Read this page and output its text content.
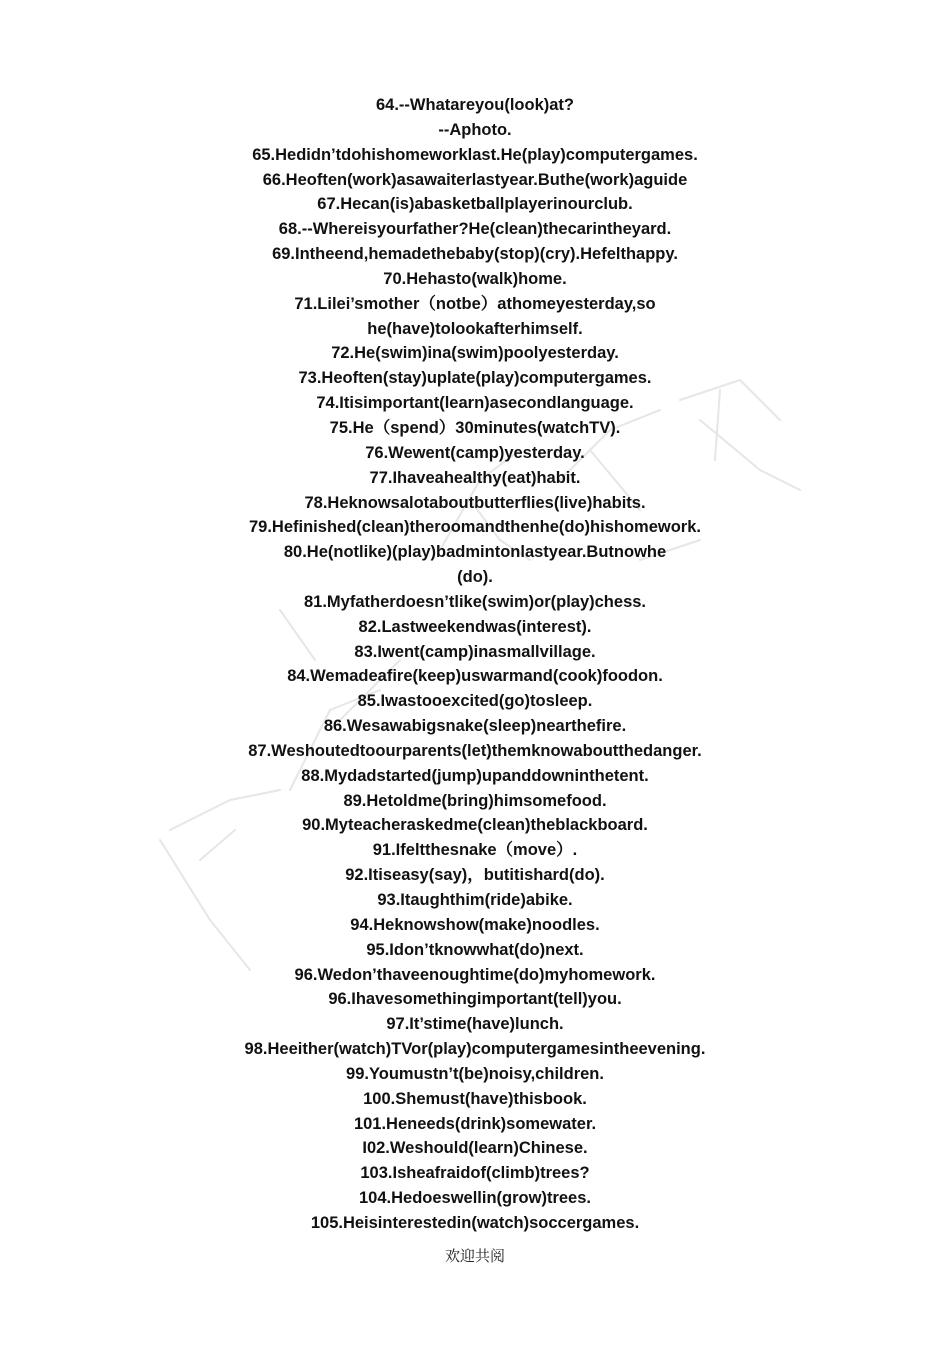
64.--Whatareyou(look)at?
--Aphoto.
65.Hedidn’tdohishomeworklast.He(play)computergames.
66.Heoften(work)asawaiterlastyear.Buthe(work)aguide
67.Hecan(is)abasketballplayerinourclub.
68.--Whereisyourfather?He(clean)thecarintheyard.
69.Intheend,hemadethebaby(stop)(cry).Hefelthappy.
70.Hehasto(walk)home.
71.Lilei’smother（notbe）athomeyesterday,so
he(have)tolookafterhimself.
72.He(swim)ina(swim)poolyesterday.
73.Heoften(stay)uplate(play)computergames.
74.Itisimportant(learn)asecondlanguage.
75.He（spend）30minutes(watchTV).
76.Wewent(camp)yesterday.
77.Ihaveahealthy(eat)habit.
78.Heknowsalotaboutbutterflies(live)habits.
79.Hefinished(clean)theroomandthenhe(do)hishomework.
80.He(notlike)(play)badmintonlastyear.Butnowhe
(do).
81.Myfatherdoesn’tlike(swim)or(play)chess.
82.Lastweekendwas(interest).
83.Iwent(camp)inasmallvillage.
84.Wemadeafire(keep)uswarmand(cook)foodon.
85.Iwastooexcited(go)tosleep.
86.Wesawabigsnake(sleep)nearthefire.
87.Weshoutedtoourparents(let)themknowaboutthedanger.
88.Mydadstarted(jump)upanddowninthetent.
89.Hetoldme(bring)himsomefood.
90.Myteacheraskedme(clean)theblackboard.
91.Ifeltthesnake（move）.
92.Itiseasy(say)，butitishard(do).
93.Itaughthim(ride)abike.
94.Heknowshow(make)noodles.
95.Idon’tknowwhat(do)next.
96.Wedon’thaveenoughtime(do)myhomework.
96.Ihavesomethingimportant(tell)you.
97.It’stime(have)lunch.
98.Heeither(watch)TVor(play)computergamesintheevening.
99.Youmustn’t(be)noisy,children.
100.Shemust(have)thisbook.
101.Heneeds(drink)somewater.
I02.Weshould(learn)Chinese.
103.Isheafraidof(climb)trees?
104.Hedoeswellin(grow)trees.
105.Heisinterestedin(watch)soccergames.
欢迎共阅
